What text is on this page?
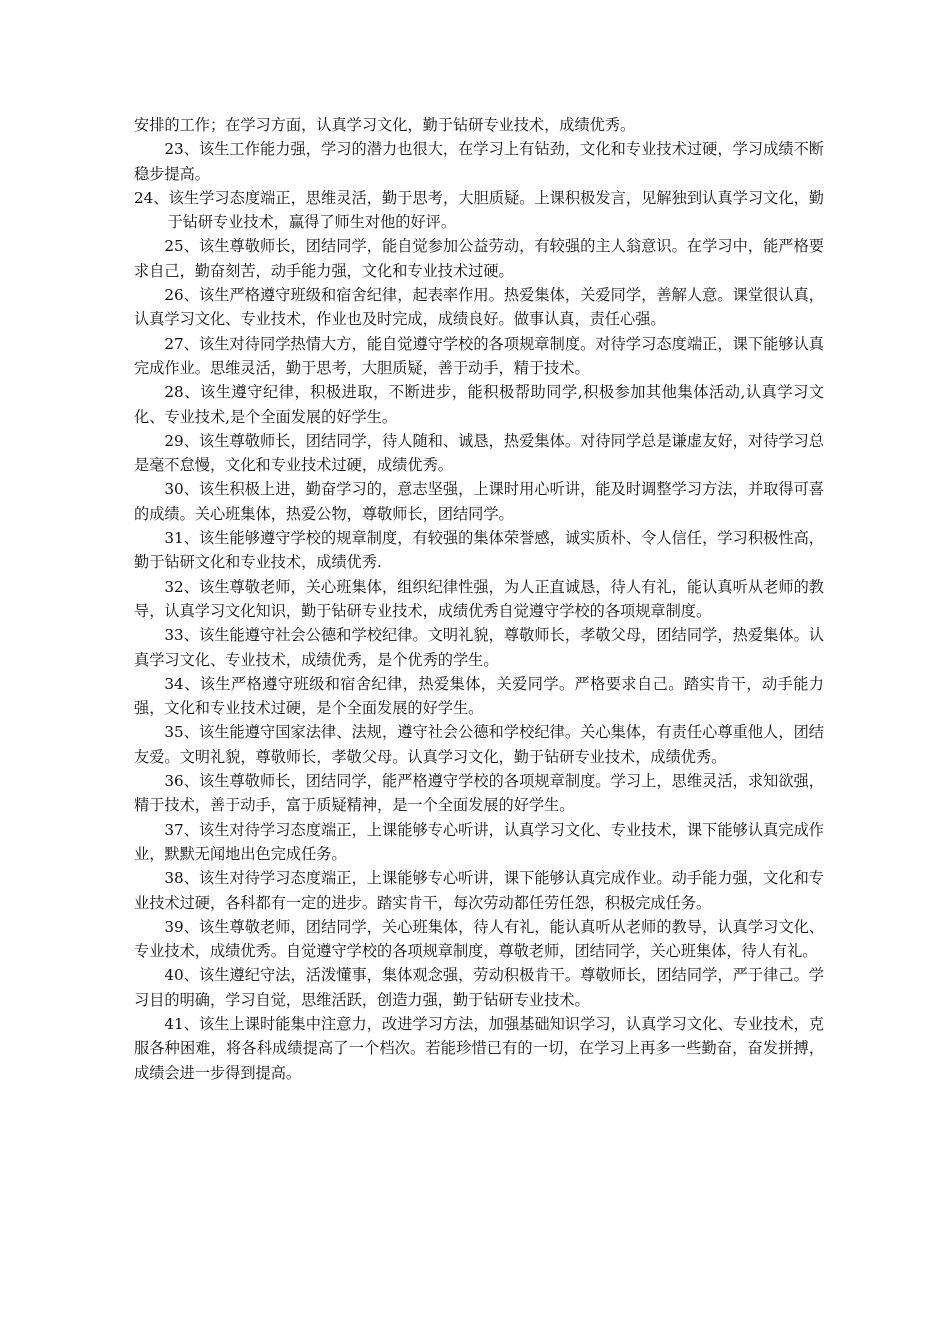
安排的工作；在学习方面，认真学习文化，勤于钻研专业技术，成绩优秀。

23、该生工作能力强，学习的潜力也很大，在学习上有钻劲，文化和专业技术过硬，学习成绩不断稳步提高。

24、该生学习态度端正，思维灵活，勤于思考，大胆质疑。上课积极发言，见解独到认真学习文化，勤于钻研专业技术，赢得了师生对他的好评。

25、该生尊敬师长，团结同学，能自觉参加公益劳动，有较强的主人翁意识。在学习中，能严格要求自己，勤奋刻苦，动手能力强，文化和专业技术过硬。

26、该生严格遵守班级和宿舍纪律，起表率作用。热爱集体，关爱同学，善解人意。课堂很认真，认真学习文化、专业技术，作业也及时完成，成绩良好。做事认真，责任心强。

27、该生对待同学热情大方，能自觉遵守学校的各项规章制度。对待学习态度端正，课下能够认真完成作业。思维灵活，勤于思考，大胆质疑，善于动手，精于技术。

28、该生遵守纪律，积极进取，不断进步，能积极帮助同学,积极参加其他集体活动,认真学习文化、专业技术,是个全面发展的好学生。

29、该生尊敬师长，团结同学，待人随和、诚恳，热爱集体。对待同学总是谦虚友好，对待学习总是毫不怠慢，文化和专业技术过硬，成绩优秀。

30、该生积极上进，勤奋学习的，意志坚强，上课时用心听讲，能及时调整学习方法，并取得可喜的成绩。关心班集体，热爱公物，尊敬师长，团结同学。

31、该生能够遵守学校的规章制度，有较强的集体荣誉感，诚实质朴、令人信任，学习积极性高，勤于钻研文化和专业技术，成绩优秀.

32、该生尊敬老师，关心班集体，组织纪律性强，为人正直诚恳，待人有礼，能认真听从老师的教导，认真学习文化知识，勤于钻研专业技术，成绩优秀自觉遵守学校的各项规章制度。

33、该生能遵守社会公德和学校纪律。文明礼貌，尊敬师长，孝敬父母，团结同学，热爱集体。认真学习文化、专业技术，成绩优秀，是个优秀的学生。

34、该生严格遵守班级和宿舍纪律，热爱集体，关爱同学。严格要求自己。踏实肯干，动手能力强，文化和专业技术过硬，是个全面发展的好学生。

35、该生能遵守国家法律、法规，遵守社会公德和学校纪律。关心集体，有责任心尊重他人，团结友爱。文明礼貌，尊敬师长，孝敬父母。认真学习文化，勤于钻研专业技术，成绩优秀。

36、该生尊敬师长，团结同学，能严格遵守学校的各项规章制度。学习上，思维灵活，求知欲强，精于技术，善于动手，富于质疑精神，是一个全面发展的好学生。

37、该生对待学习态度端正，上课能够专心听讲，认真学习文化、专业技术，课下能够认真完成作业，默默无闻地出色完成任务。

38、该生对待学习态度端正，上课能够专心听讲，课下能够认真完成作业。动手能力强，文化和专业技术过硬，各科都有一定的进步。踏实肯干，每次劳动都任劳任怨，积极完成任务。

39、该生尊敬老师，团结同学，关心班集体，待人有礼，能认真听从老师的教导，认真学习文化、专业技术，成绩优秀。自觉遵守学校的各项规章制度，尊敬老师，团结同学，关心班集体，待人有礼。

40、该生遵纪守法，活泼懂事，集体观念强，劳动积极肯干。尊敬师长，团结同学，严于律己。学习目的明确，学习自觉，思维活跃，创造力强，勤于钻研专业技术。

41、该生上课时能集中注意力，改进学习方法，加强基础知识学习，认真学习文化、专业技术，克服各种困难，将各科成绩提高了一个档次。若能珍惜已有的一切，在学习上再多一些勤奋，奋发拼搏，成绩会进一步得到提高。
